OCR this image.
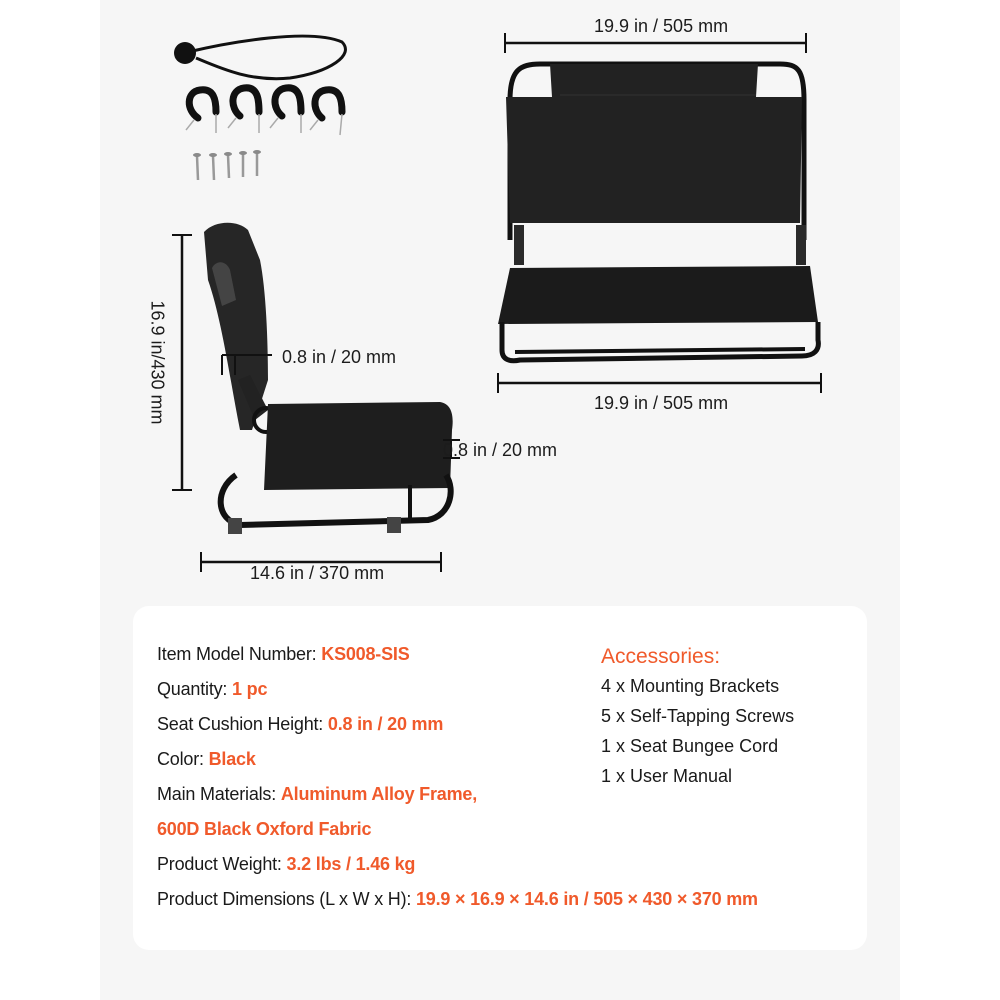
19.9 in / 505 mm
19.9 in / 505 mm
16.9 in/430 mm	0.8 in / 20 mm
0.8 in / 20 mm
14.6 in / 370 mm
Item Model Number: KS008-SIS
Quantity: 1 pc
Seat Cushion Height: 0.8 in / 20 mm
Color: Black
Main Materials: Aluminum Alloy Frame,
600D Black Oxford Fabric
Product Weight: 3.2 lbs / 1.46 kg
Product Dimensions (L x W x H): 19.9 × 16.9 × 14.6 in / 505 × 430 × 370 mm
Accessories:
4 x Mounting Brackets
5 x Self-Tapping Screws
1 x Seat Bungee Cord
1 x User Manual
